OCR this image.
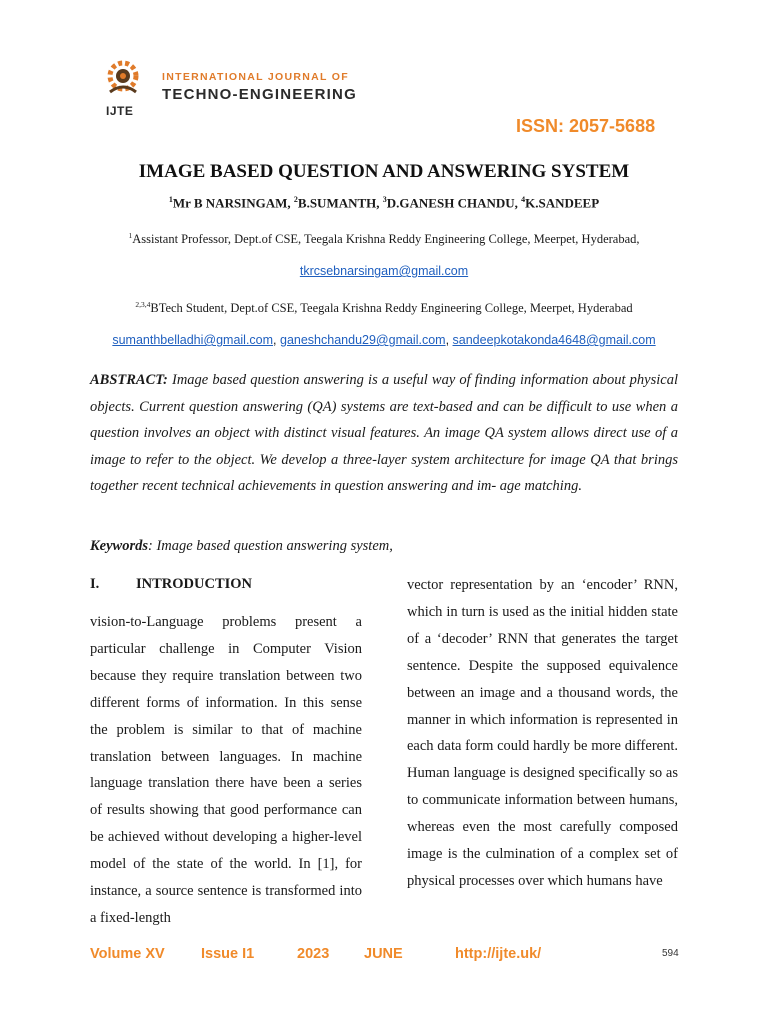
INTERNATIONAL JOURNAL OF
TECHNO-ENGINEERING
IJTE
ISSN: 2057-5688
IMAGE BASED QUESTION AND ANSWERING SYSTEM
$^1$Mr B NARSINGAM, $^2$B.SUMANTH, $^3$D.GANESH CHANDU, $^4$K.SANDEEP
$^1$Assistant Professor, Dept.of CSE, Teegala Krishna Reddy Engineering College, Meerpet, Hyderabad,
tkrcsebnarsingam@gmail.com
$^{2,3,4}$BTech Student, Dept.of CSE, Teegala Krishna Reddy Engineering College, Meerpet, Hyderabad
sumanthbelladhi@gmail.com, ganeshchandu29@gmail.com, sandeepkotakonda4648@gmail.com
ABSTRACT: Image based question answering is a useful way of finding information about physical objects. Current question answering (QA) systems are text-based and can be difficult to use when a question involves an object with distinct visual features. An image QA system allows direct use of a image to refer to the object. We develop a three-layer system architecture for image QA that brings together recent technical achievements in question answering and im- age matching.
Keywords: Image based question answering system,
I.	INTRODUCTION
vision-to-Language problems present a particular challenge in Computer Vision because they require translation between two different forms of information. In this sense the problem is similar to that of machine translation between languages. In machine language translation there have been a series of results showing that good performance can be achieved without developing a higher-level model of the state of the world. In [1], for instance, a source sentence is transformed into a fixed-length
vector representation by an ‘encoder’ RNN, which in turn is used as the initial hidden state of a ‘decoder’ RNN that generates the target sentence. Despite the supposed equivalence between an image and a thousand words, the manner in which information is represented in each data form could hardly be more different. Human language is designed specifically so as to communicate information between humans, whereas even the most carefully composed image is the culmination of a complex set of physical processes over which humans have
Volume XV	Issue I1	2023 JUNE	http://ijte.uk/	594
